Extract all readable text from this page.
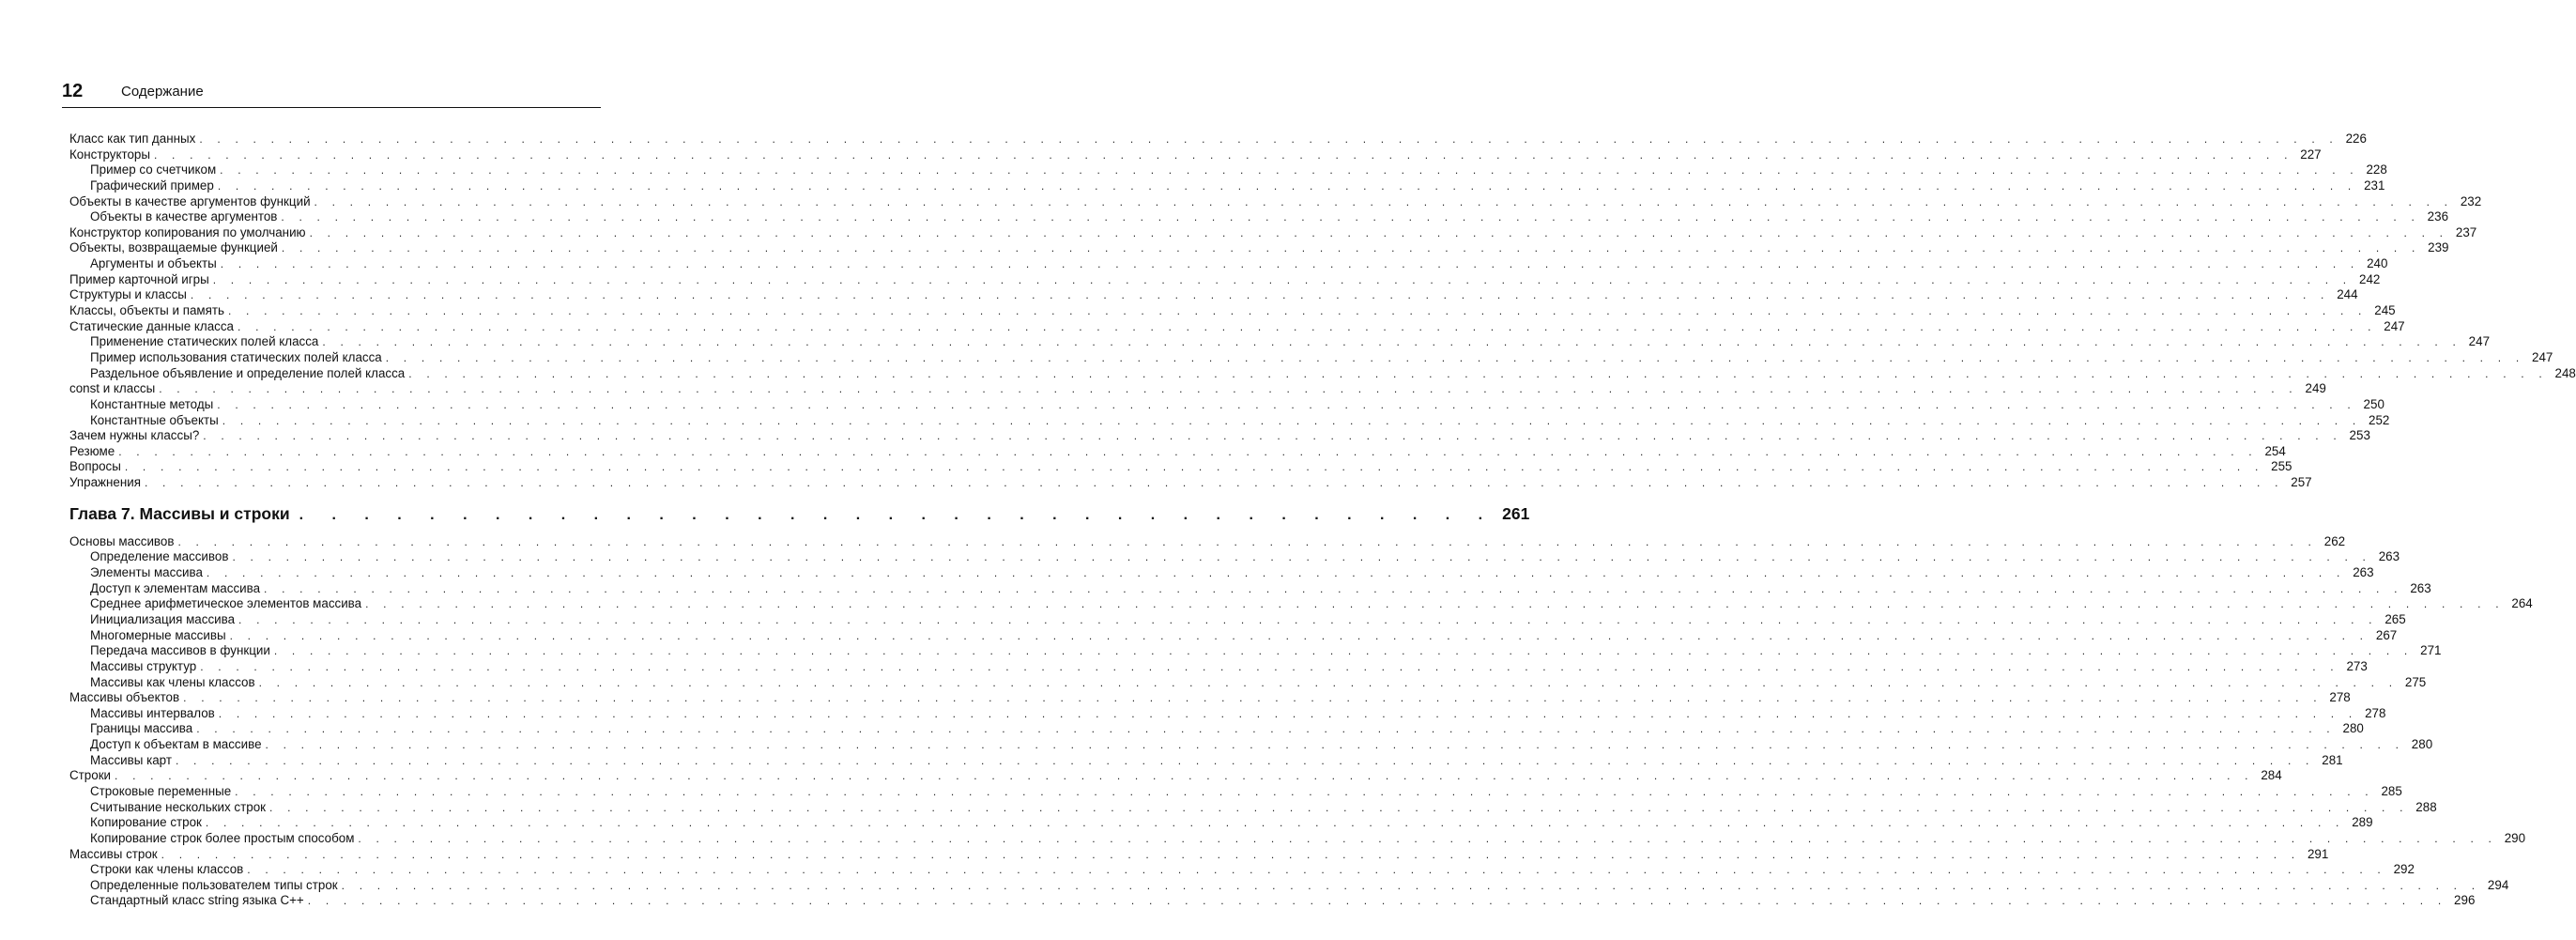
12	Содержание
Класс как тип данных . . . . . . . . . . . . . . . . . . . . . . . . . . . . . . . . . . . . . . . . . . . . . . . . . . . . . . . . . . . . . . . . . . . . . . . . . . . . . . . . . . . . . . . . . . . . . . . . . . . . . . . . . . . . . . . . . . . . . . . . 226
Конструкторы . . . . . . . . . . . . . . . . . . . . . . . . . . . . . . . . . . . . . . . . . . . . . . . . . . . . . . . . . . . . . . . . . . . . . . . . . . . . . . . . . . . . . . . . . . . . . . . . . . . . . . . . . . . . . . . . . . . . . . . . 227
Пример со счетчиком . . . . . . . . . . . . . . . . . . . . . . . . . . . . . . . . . . . . . . . . . . . . . . . . . . . . . . . . . . . . . . . . . . . . . . . . . . . . . . . . . . . . . . . . . . . . . . . . . . . . . . . . . . . . . . . . . . . . . . . . 228
Графический пример . . . . . . . . . . . . . . . . . . . . . . . . . . . . . . . . . . . . . . . . . . . . . . . . . . . . . . . . . . . . . . . . . . . . . . . . . . . . . . . . . . . . . . . . . . . . . . . . . . . . . . . . . . . . . . . . . . . . . . . . 231
Объекты в качестве аргументов функций . . . . . . . . . . . . . . . . . . . . . . . . . . . . . . . . . . . . . . . . . . . . . . . . . . . . . . . . . . . . . . . . . . . . . . . . . . . . . . . . . . . . . . . . . . . . . . . . . . . . . . . . . . . . . . . . . . . . . . . . 232
Объекты в качестве аргументов . . . . . . . . . . . . . . . . . . . . . . . . . . . . . . . . . . . . . . . . . . . . . . . . . . . . . . . . . . . . . . . . . . . . . . . . . . . . . . . . . . . . . . . . . . . . . . . . . . . . . . . . . . . . . . . . . . . . . . . . 236
Конструктор копирования по умолчанию . . . . . . . . . . . . . . . . . . . . . . . . . . . . . . . . . . . . . . . . . . . . . . . . . . . . . . . . . . . . . . . . . . . . . . . . . . . . . . . . . . . . . . . . . . . . . . . . . . . . . . . . . . . . . . . . . . . . . . . . 237
Объекты, возвращаемые функцией . . . . . . . . . . . . . . . . . . . . . . . . . . . . . . . . . . . . . . . . . . . . . . . . . . . . . . . . . . . . . . . . . . . . . . . . . . . . . . . . . . . . . . . . . . . . . . . . . . . . . . . . . . . . . . . . . . . . . . . . 239
Аргументы и объекты . . . . . . . . . . . . . . . . . . . . . . . . . . . . . . . . . . . . . . . . . . . . . . . . . . . . . . . . . . . . . . . . . . . . . . . . . . . . . . . . . . . . . . . . . . . . . . . . . . . . . . . . . . . . . . . . . . . . . . . . 240
Пример карточной игры . . . . . . . . . . . . . . . . . . . . . . . . . . . . . . . . . . . . . . . . . . . . . . . . . . . . . . . . . . . . . . . . . . . . . . . . . . . . . . . . . . . . . . . . . . . . . . . . . . . . . . . . . . . . . . . . . . . . . . . . 242
Структуры и классы . . . . . . . . . . . . . . . . . . . . . . . . . . . . . . . . . . . . . . . . . . . . . . . . . . . . . . . . . . . . . . . . . . . . . . . . . . . . . . . . . . . . . . . . . . . . . . . . . . . . . . . . . . . . . . . . . . . . . . . . 244
Классы, объекты и память . . . . . . . . . . . . . . . . . . . . . . . . . . . . . . . . . . . . . . . . . . . . . . . . . . . . . . . . . . . . . . . . . . . . . . . . . . . . . . . . . . . . . . . . . . . . . . . . . . . . . . . . . . . . . . . . . . . . . . . . 245
Статические данные класса . . . . . . . . . . . . . . . . . . . . . . . . . . . . . . . . . . . . . . . . . . . . . . . . . . . . . . . . . . . . . . . . . . . . . . . . . . . . . . . . . . . . . . . . . . . . . . . . . . . . . . . . . . . . . . . . . . . . . . . . 247
Применение статических полей класса . . . . . . . . . . . . . . . . . . . . . . . . . . . . . . . . . . . . . . . . . . . . . . . . . . . . . . . . . . . . . . . . . . . . . . . . . . . . . . . . . . . . . . . . . . . . . . . . . . . . . . . . . . . . . . . . . . . . . . . . 247
Пример использования статических полей класса . . . . . . . . . . . . . . . . . . . . . . . . . . . . . . . . . . . . . . . . . . . . . . . . . . . . . . . . . . . . . . . . . . . . . . . . . . . . . . . . . . . . . . . . . . . . . . . . . . . . . . . . . . . . . . . . . . . . . . . . 247
Раздельное объявление и определение полей класса . . . . . . . . . . . . . . . . . . . . . . . . . . . . . . . . . . . . . . . . . . . . . . . . . . . . . . . . . . . . . . . . . . . . . . . . . . . . . . . . . . . . . . . . . . . . . . . . . . . . . . . . . . . . . . . . . . . . . . . . 248
const и классы . . . . . . . . . . . . . . . . . . . . . . . . . . . . . . . . . . . . . . . . . . . . . . . . . . . . . . . . . . . . . . . . . . . . . . . . . . . . . . . . . . . . . . . . . . . . . . . . . . . . . . . . . . . . . . . . . . . . . . . . 249
Константные методы . . . . . . . . . . . . . . . . . . . . . . . . . . . . . . . . . . . . . . . . . . . . . . . . . . . . . . . . . . . . . . . . . . . . . . . . . . . . . . . . . . . . . . . . . . . . . . . . . . . . . . . . . . . . . . . . . . . . . . . . 250
Константные объекты . . . . . . . . . . . . . . . . . . . . . . . . . . . . . . . . . . . . . . . . . . . . . . . . . . . . . . . . . . . . . . . . . . . . . . . . . . . . . . . . . . . . . . . . . . . . . . . . . . . . . . . . . . . . . . . . . . . . . . . . 252
Зачем нужны классы? . . . . . . . . . . . . . . . . . . . . . . . . . . . . . . . . . . . . . . . . . . . . . . . . . . . . . . . . . . . . . . . . . . . . . . . . . . . . . . . . . . . . . . . . . . . . . . . . . . . . . . . . . . . . . . . . . . . . . . . . 253
Резюме . . . . . . . . . . . . . . . . . . . . . . . . . . . . . . . . . . . . . . . . . . . . . . . . . . . . . . . . . . . . . . . . . . . . . . . . . . . . . . . . . . . . . . . . . . . . . . . . . . . . . . . . . . . . . . . . . . . . . . . . 254
Вопросы . . . . . . . . . . . . . . . . . . . . . . . . . . . . . . . . . . . . . . . . . . . . . . . . . . . . . . . . . . . . . . . . . . . . . . . . . . . . . . . . . . . . . . . . . . . . . . . . . . . . . . . . . . . . . . . . . . . . . . . . 255
Упражнения . . . . . . . . . . . . . . . . . . . . . . . . . . . . . . . . . . . . . . . . . . . . . . . . . . . . . . . . . . . . . . . . . . . . . . . . . . . . . . . . . . . . . . . . . . . . . . . . . . . . . . . . . . . . . . . . . . . . . . . . 257
Глава 7. Массивы и строки . . . . . . . . . . . . . . . . . . . . . . . . . . . . . . . . . . . . . 261
Основы массивов . . . . . . . . . . . . . . . . . . . . . . . . . . . . . . . . . . . . . . . . . . . . . . . . . . . . . . . . . . . . . . . . . . . . . . . . . . . . . . . . . . . . . . . . . . . . . . . . . . . . . . . . . . . . . . . . . . . . . . . . 262
Определение массивов . . . . . . . . . . . . . . . . . . . . . . . . . . . . . . . . . . . . . . . . . . . . . . . . . . . . . . . . . . . . . . . . . . . . . . . . . . . . . . . . . . . . . . . . . . . . . . . . . . . . . . . . . . . . . . . . . . . . . . . . 263
Элементы массива . . . . . . . . . . . . . . . . . . . . . . . . . . . . . . . . . . . . . . . . . . . . . . . . . . . . . . . . . . . . . . . . . . . . . . . . . . . . . . . . . . . . . . . . . . . . . . . . . . . . . . . . . . . . . . . . . . . . . . . . 263
Доступ к элементам массива . . . . . . . . . . . . . . . . . . . . . . . . . . . . . . . . . . . . . . . . . . . . . . . . . . . . . . . . . . . . . . . . . . . . . . . . . . . . . . . . . . . . . . . . . . . . . . . . . . . . . . . . . . . . . . . . . . . . . . . . 263
Среднее арифметическое элементов массива . . . . . . . . . . . . . . . . . . . . . . . . . . . . . . . . . . . . . . . . . . . . . . . . . . . . . . . . . . . . . . . . . . . . . . . . . . . . . . . . . . . . . . . . . . . . . . . . . . . . . . . . . . . . . . . . . . . . . . . . 264
Инициализация массива . . . . . . . . . . . . . . . . . . . . . . . . . . . . . . . . . . . . . . . . . . . . . . . . . . . . . . . . . . . . . . . . . . . . . . . . . . . . . . . . . . . . . . . . . . . . . . . . . . . . . . . . . . . . . . . . . . . . . . . . 265
Многомерные массивы . . . . . . . . . . . . . . . . . . . . . . . . . . . . . . . . . . . . . . . . . . . . . . . . . . . . . . . . . . . . . . . . . . . . . . . . . . . . . . . . . . . . . . . . . . . . . . . . . . . . . . . . . . . . . . . . . . . . . . . . 267
Передача массивов в функции . . . . . . . . . . . . . . . . . . . . . . . . . . . . . . . . . . . . . . . . . . . . . . . . . . . . . . . . . . . . . . . . . . . . . . . . . . . . . . . . . . . . . . . . . . . . . . . . . . . . . . . . . . . . . . . . . . . . . . . . 271
Массивы структур . . . . . . . . . . . . . . . . . . . . . . . . . . . . . . . . . . . . . . . . . . . . . . . . . . . . . . . . . . . . . . . . . . . . . . . . . . . . . . . . . . . . . . . . . . . . . . . . . . . . . . . . . . . . . . . . . . . . . . . . 273
Массивы как члены классов . . . . . . . . . . . . . . . . . . . . . . . . . . . . . . . . . . . . . . . . . . . . . . . . . . . . . . . . . . . . . . . . . . . . . . . . . . . . . . . . . . . . . . . . . . . . . . . . . . . . . . . . . . . . . . . . . . . . . . . . 275
Массивы объектов . . . . . . . . . . . . . . . . . . . . . . . . . . . . . . . . . . . . . . . . . . . . . . . . . . . . . . . . . . . . . . . . . . . . . . . . . . . . . . . . . . . . . . . . . . . . . . . . . . . . . . . . . . . . . . . . . . . . . . . . 278
Массивы интервалов . . . . . . . . . . . . . . . . . . . . . . . . . . . . . . . . . . . . . . . . . . . . . . . . . . . . . . . . . . . . . . . . . . . . . . . . . . . . . . . . . . . . . . . . . . . . . . . . . . . . . . . . . . . . . . . . . . . . . . . . 278
Границы массива . . . . . . . . . . . . . . . . . . . . . . . . . . . . . . . . . . . . . . . . . . . . . . . . . . . . . . . . . . . . . . . . . . . . . . . . . . . . . . . . . . . . . . . . . . . . . . . . . . . . . . . . . . . . . . . . . . . . . . . . 280
Доступ к объектам в массиве . . . . . . . . . . . . . . . . . . . . . . . . . . . . . . . . . . . . . . . . . . . . . . . . . . . . . . . . . . . . . . . . . . . . . . . . . . . . . . . . . . . . . . . . . . . . . . . . . . . . . . . . . . . . . . . . . . . . . . . . 280
Массивы карт . . . . . . . . . . . . . . . . . . . . . . . . . . . . . . . . . . . . . . . . . . . . . . . . . . . . . . . . . . . . . . . . . . . . . . . . . . . . . . . . . . . . . . . . . . . . . . . . . . . . . . . . . . . . . . . . . . . . . . . . 281
Строки . . . . . . . . . . . . . . . . . . . . . . . . . . . . . . . . . . . . . . . . . . . . . . . . . . . . . . . . . . . . . . . . . . . . . . . . . . . . . . . . . . . . . . . . . . . . . . . . . . . . . . . . . . . . . . . . . . . . . . . . 284
Строковые переменные . . . . . . . . . . . . . . . . . . . . . . . . . . . . . . . . . . . . . . . . . . . . . . . . . . . . . . . . . . . . . . . . . . . . . . . . . . . . . . . . . . . . . . . . . . . . . . . . . . . . . . . . . . . . . . . . . . . . . . . . 285
Считывание нескольких строк . . . . . . . . . . . . . . . . . . . . . . . . . . . . . . . . . . . . . . . . . . . . . . . . . . . . . . . . . . . . . . . . . . . . . . . . . . . . . . . . . . . . . . . . . . . . . . . . . . . . . . . . . . . . . . . . . . . . . . . . 288
Копирование строк . . . . . . . . . . . . . . . . . . . . . . . . . . . . . . . . . . . . . . . . . . . . . . . . . . . . . . . . . . . . . . . . . . . . . . . . . . . . . . . . . . . . . . . . . . . . . . . . . . . . . . . . . . . . . . . . . . . . . . . . 289
Копирование строк более простым способом . . . . . . . . . . . . . . . . . . . . . . . . . . . . . . . . . . . . . . . . . . . . . . . . . . . . . . . . . . . . . . . . . . . . . . . . . . . . . . . . . . . . . . . . . . . . . . . . . . . . . . . . . . . . . . . . . . . . . . . . 290
Массивы строк . . . . . . . . . . . . . . . . . . . . . . . . . . . . . . . . . . . . . . . . . . . . . . . . . . . . . . . . . . . . . . . . . . . . . . . . . . . . . . . . . . . . . . . . . . . . . . . . . . . . . . . . . . . . . . . . . . . . . . . . 291
Строки как члены классов . . . . . . . . . . . . . . . . . . . . . . . . . . . . . . . . . . . . . . . . . . . . . . . . . . . . . . . . . . . . . . . . . . . . . . . . . . . . . . . . . . . . . . . . . . . . . . . . . . . . . . . . . . . . . . . . . . . . . . . . 292
Определенные пользователем типы строк . . . . . . . . . . . . . . . . . . . . . . . . . . . . . . . . . . . . . . . . . . . . . . . . . . . . . . . . . . . . . . . . . . . . . . . . . . . . . . . . . . . . . . . . . . . . . . . . . . . . . . . . . . . . . . . . . . . . . . . . 294
Стандартный класс string языка C++ . . . . . . . . . . . . . . . . . . . . . . . . . . . . . . . . . . . . . . . . . . . . . . . . . . . . . . . . . . . . . . . . . . . . . . . . . . . . . . . . . . . . . . . . . . . . . . . . . . . . . . . . . . . . . . . . . . . . . . . . 296
